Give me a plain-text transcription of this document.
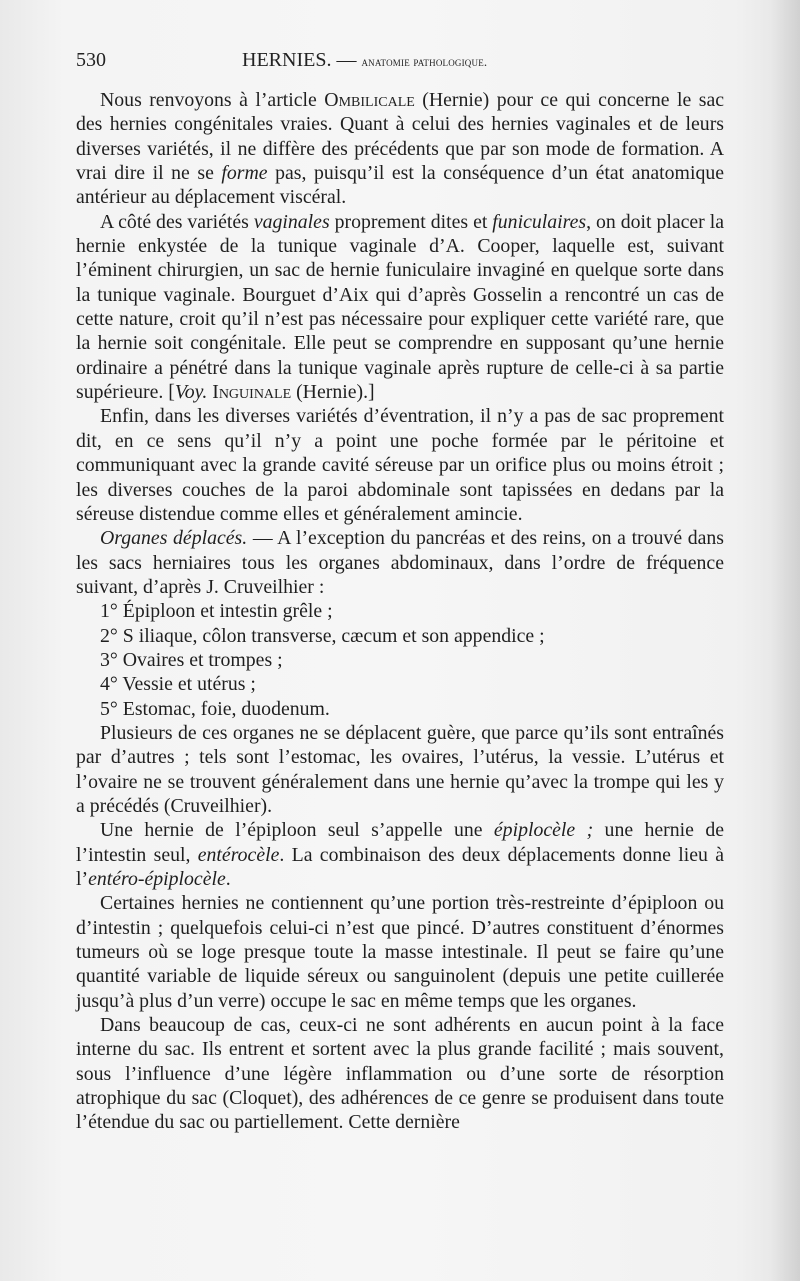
530	HERNIES. — anatomie pathologique.

Nous renvoyons à l’article Ombilicale (Hernie) pour ce qui concerne le sac des hernies congénitales vraies. Quant à celui des hernies vaginales et de leurs diverses variétés, il ne diffère des précédents que par son mode de formation. A vrai dire il ne se forme pas, puisqu’il est la conséquence d’un état anatomique antérieur au déplacement viscéral.

A côté des variétés vaginales proprement dites et funiculaires, on doit placer la hernie enkystée de la tunique vaginale d’A. Cooper, laquelle est, suivant l’éminent chirurgien, un sac de hernie funiculaire invaginé en quelque sorte dans la tunique vaginale. Bourguet d’Aix qui d’après Gosselin a rencontré un cas de cette nature, croit qu’il n’est pas nécessaire pour expliquer cette variété rare, que la hernie soit congénitale. Elle peut se comprendre en supposant qu’une hernie ordinaire a pénétré dans la tunique vaginale après rupture de celle-ci à sa partie supérieure. [Voy. Inguinale (Hernie).]

Enfin, dans les diverses variétés d’éventration, il n’y a pas de sac proprement dit, en ce sens qu’il n’y a point une poche formée par le péritoine et communiquant avec la grande cavité séreuse par un orifice plus ou moins étroit ; les diverses couches de la paroi abdominale sont tapissées en dedans par la séreuse distendue comme elles et généralement amincie.

Organes déplacés. — A l’exception du pancréas et des reins, on a trouvé dans les sacs herniaires tous les organes abdominaux, dans l’ordre de fréquence suivant, d’après J. Cruveilhier :

1° Épiploon et intestin grêle ;

2° S iliaque, côlon transverse, cæcum et son appendice ;

3° Ovaires et trompes ;

4° Vessie et utérus ;

5° Estomac, foie, duodenum.

Plusieurs de ces organes ne se déplacent guère, que parce qu’ils sont entraînés par d’autres ; tels sont l’estomac, les ovaires, l’utérus, la vessie. L’utérus et l’ovaire ne se trouvent généralement dans une hernie qu’avec la trompe qui les y a précédés (Cruveilhier).

Une hernie de l’épiploon seul s’appelle une épiplocèle ; une hernie de l’intestin seul, entérocèle. La combinaison des deux déplacements donne lieu à l’entéro-épiplocèle.

Certaines hernies ne contiennent qu’une portion très-restreinte d’épiploon ou d’intestin ; quelquefois celui-ci n’est que pincé. D’autres constituent d’énormes tumeurs où se loge presque toute la masse intestinale. Il peut se faire qu’une quantité variable de liquide séreux ou sanguinolent (depuis une petite cuillerée jusqu’à plus d’un verre) occupe le sac en même temps que les organes.

Dans beaucoup de cas, ceux-ci ne sont adhérents en aucun point à la face interne du sac. Ils entrent et sortent avec la plus grande facilité ; mais souvent, sous l’influence d’une légère inflammation ou d’une sorte de résorption atrophique du sac (Cloquet), des adhérences de ce genre se produisent dans toute l’étendue du sac ou partiellement. Cette dernière
